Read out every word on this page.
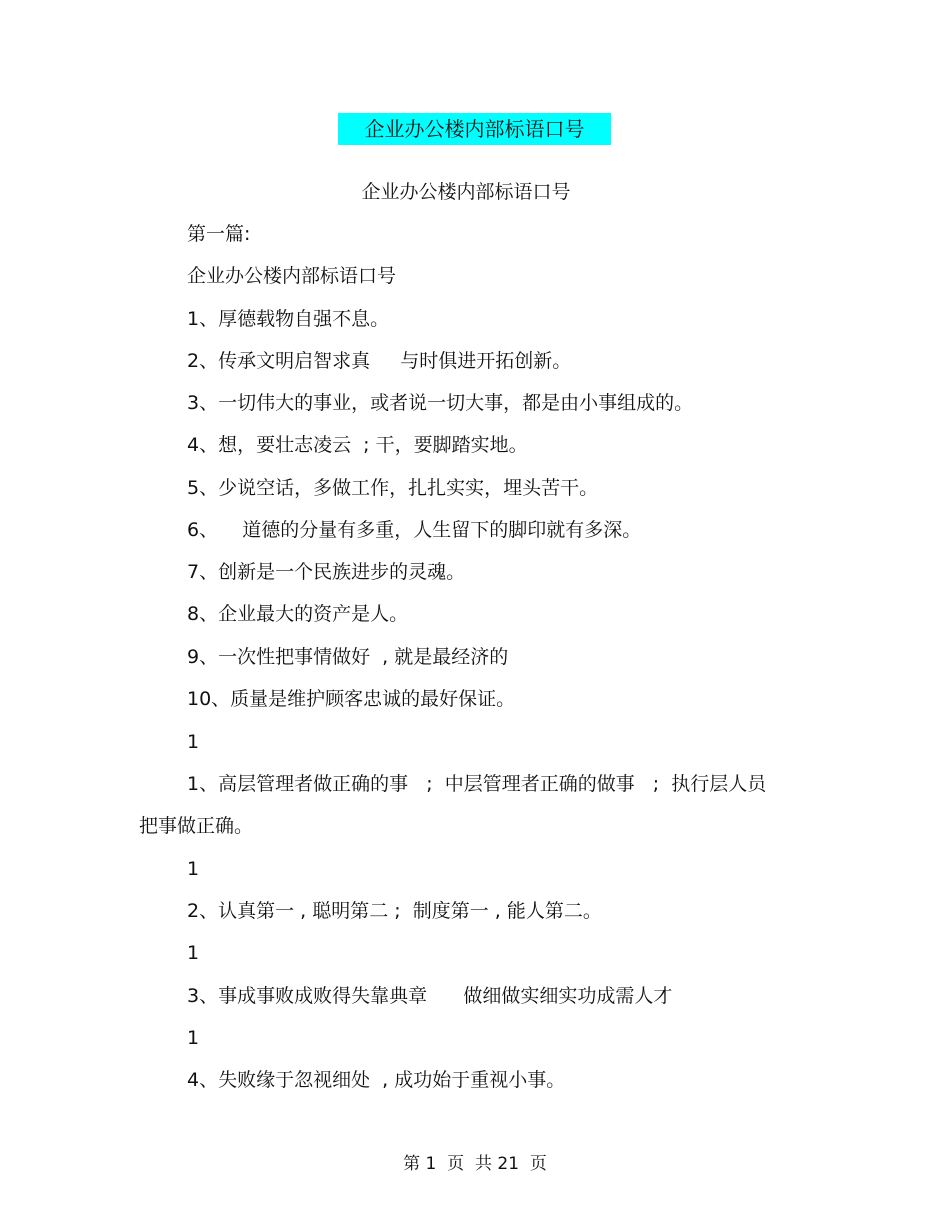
企业办公楼内部标语口号
企业办公楼内部标语口号
第一篇:
企业办公楼内部标语口号
1、厚德载物自强不息。
2、传承文明启智求真     与时俱进开拓创新。
3、一切伟大的事业，或者说一切大事，都是由小事组成的。
4、想，要壮志凌云  ; 干，要脚踏实地。
5、少说空话，多做工作，扎扎实实，埋头苦干。
6、    道德的分量有多重，人生留下的脚印就有多深。
7、创新是一个民族进步的灵魂。
8、企业最大的资产是人。
9、一次性把事情做好  , 就是最经济的
10、质量是维护顾客忠诚的最好保证。
1
1、高层管理者做正确的事   ;  中层管理者正确的做事   ;  执行层人员
把事做正确。
1
2、认真第一 , 聪明第二 ;  制度第一 , 能人第二。
1
3、事成事败成败得失靠典章      做细做实细实功成需人才
1
4、失败缘于忽视细处  , 成功始于重视小事。
第 1  页  共 21  页
